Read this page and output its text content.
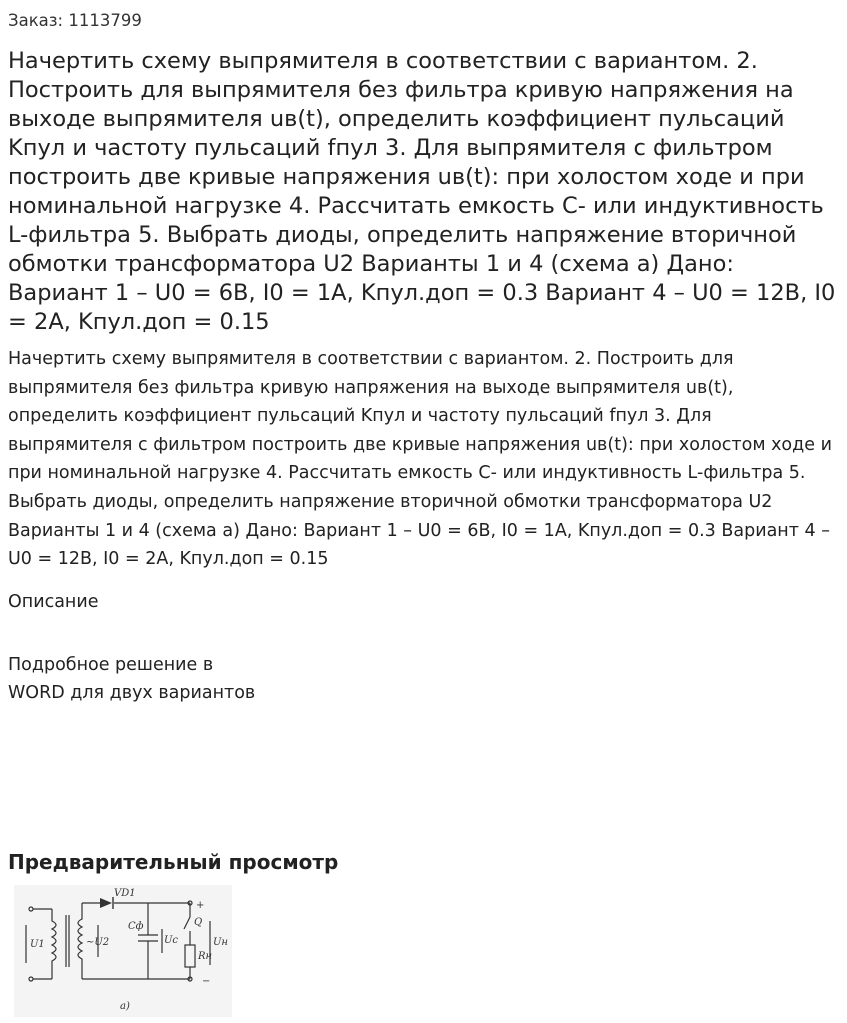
Заказ: 1113799
Начертить схему выпрямителя в соответствии с вариантом. 2. Построить для выпрямителя без фильтра кривую напряжения на выходе выпрямителя uв(t), определить коэффициент пульсаций Kпул и частоту пульсаций fпул 3. Для выпрямителя с фильтром построить две кривые напряжения uв(t): при холостом ходе и при номинальной нагрузке 4. Рассчитать емкость С- или индуктивность L-фильтра 5. Выбрать диоды, определить напряжение вторичной обмотки трансформатора U2 Варианты 1 и 4 (схема а) Дано: Вариант 1 – U0 = 6В, I0 = 1А, Kпул.доп = 0.3 Вариант 4 – U0 = 12В, I0 = 2А, Kпул.доп = 0.15

Начертить схему выпрямителя в соответствии с вариантом. 2. Построить для выпрямителя без фильтра кривую напряжения на выходе выпрямителя uв(t), определить коэффициент пульсаций Kпул и частоту пульсаций fпул 3. Для выпрямителя с фильтром построить две кривые напряжения uв(t): при холостом ходе и при номинальной нагрузке 4. Рассчитать емкость С- или индуктивность L-фильтра 5. Выбрать диоды, определить напряжение вторичной обмотки трансформатора U2 Варианты 1 и 4 (схема а) Дано: Вариант 1 – U0 = 6В, I0 = 1А, Kпул.доп = 0.3 Вариант 4 – U0 = 12В, I0 = 2А, Kпул.доп = 0.15

Описание
Подробное решение в
WORD для двух вариантов
Предварительный просмотр
VD1
U1	~U2
Cф
Uc
Q
Rн
Uн
+
−
a)
